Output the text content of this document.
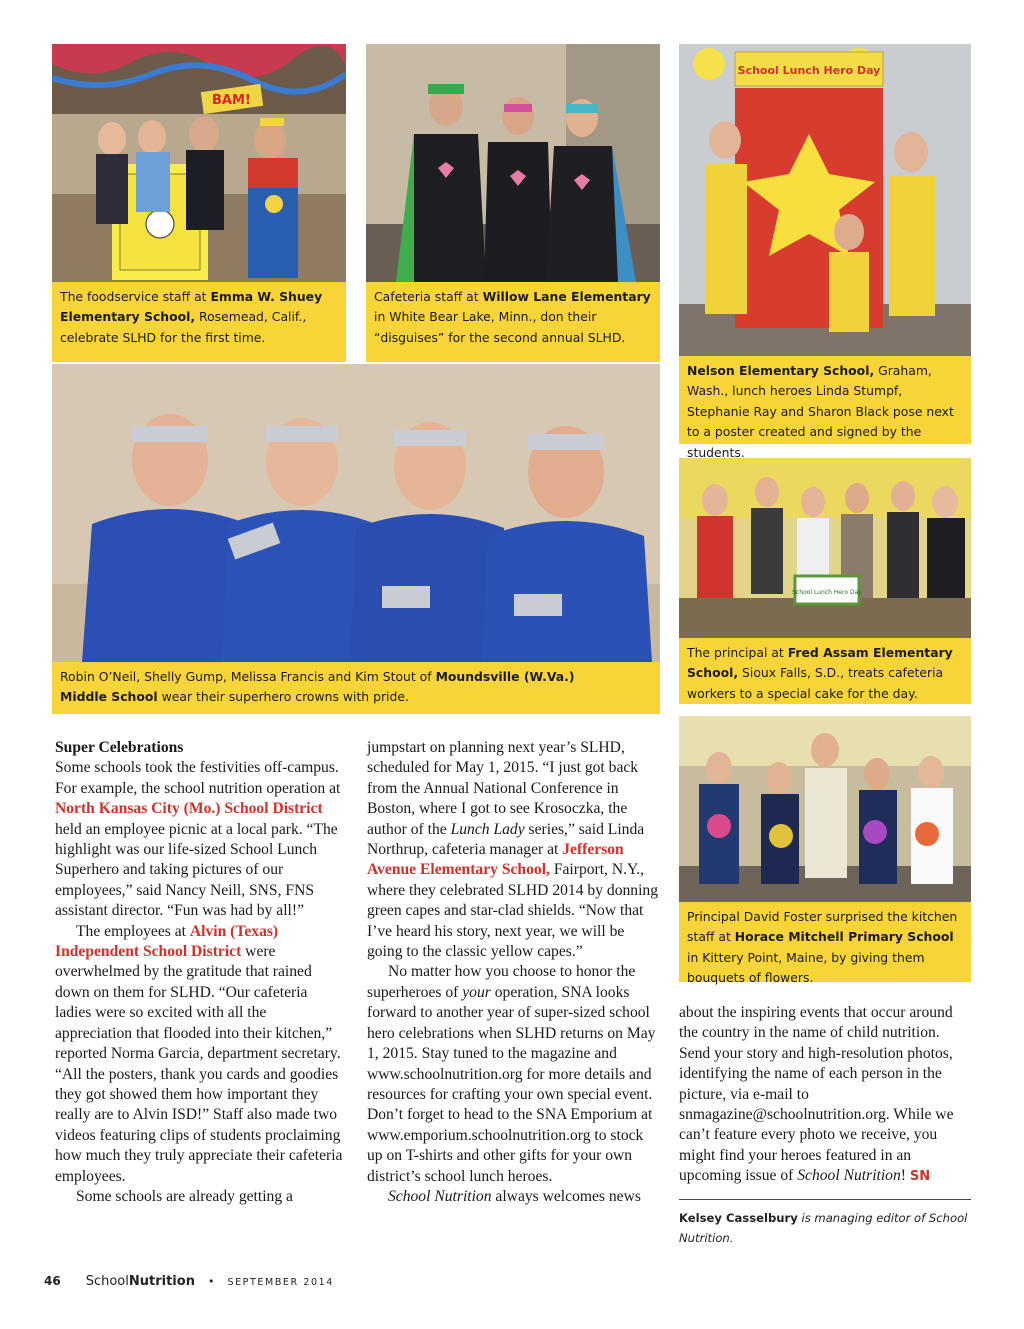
BAM!
School Lunch Hero Day
School Lunch Hero Day
The foodservice staff at Emma W. Shuey Elementary School, Rosemead, Calif., celebrate SLHD for the first time.
Cafeteria staff at Willow Lane Elementary in White Bear Lake, Minn., don their “disguises” for the second annual SLHD.
Nelson Elementary School, Graham, Wash., lunch heroes Linda Stumpf, Stephanie Ray and Sharon Black pose next to a poster created and signed by the students.
Robin O’Neil, Shelly Gump, Melissa Francis and Kim Stout of Moundsville (W.Va.) Middle School wear their superhero crowns with pride.
The principal at Fred Assam Elementary School, Sioux Falls, S.D., treats cafeteria workers to a special cake for the day.
Principal David Foster surprised the kitchen staff at Horace Mitchell Primary School in Kittery Point, Maine, by giving them bouquets of flowers.
Super Celebrations

Some schools took the festivities off-campus. For example, the school nutrition operation at North Kansas City (Mo.) School District held an employee picnic at a local park. “The highlight was our life-sized School Lunch Superhero and taking pictures of our employees,” said Nancy Neill, SNS, FNS assistant director. “Fun was had by all!”

The employees at Alvin (Texas) Independent School District were overwhelmed by the gratitude that rained down on them for SLHD. “Our cafeteria ladies were so excited with all the appreciation that flooded into their kitchen,” reported Norma Garcia, department secretary. “All the posters, thank you cards and goodies they got showed them how important they really are to Alvin ISD!” Staff also made two videos featuring clips of students proclaiming how much they truly appreciate their cafeteria employees.

Some schools are already getting a

jumpstart on planning next year’s SLHD, scheduled for May 1, 2015. “I just got back from the Annual National Conference in Boston, where I got to see Krosoczka, the author of the Lunch Lady series,” said Linda Northrup, cafeteria manager at Jefferson Avenue Elementary School, Fairport, N.Y., where they celebrated SLHD 2014 by donning green capes and star-clad shields. “Now that I’ve heard his story, next year, we will be going to the classic yellow capes.”

No matter how you choose to honor the superheroes of your operation, SNA looks forward to another year of super-sized school hero celebrations when SLHD returns on May 1, 2015. Stay tuned to the magazine and www.schoolnutrition.org for more details and resources for crafting your own special event. Don’t forget to head to the SNA Emporium at www.emporium.schoolnutrition.org to stock up on T-shirts and other gifts for your own district’s school lunch heroes.

School Nutrition always welcomes news

about the inspiring events that occur around the country in the name of child nutrition. Send your story and high-resolution photos, identifying the name of each person in the picture, via e-mail to snmagazine@schoolnutrition.org. While we can’t feature every photo we receive, you might find your heroes featured in an upcoming issue of School Nutrition! SN

Kelsey Casselbury is managing editor of School Nutrition.
46 SchoolNutrition • SEPTEMBER 2014
